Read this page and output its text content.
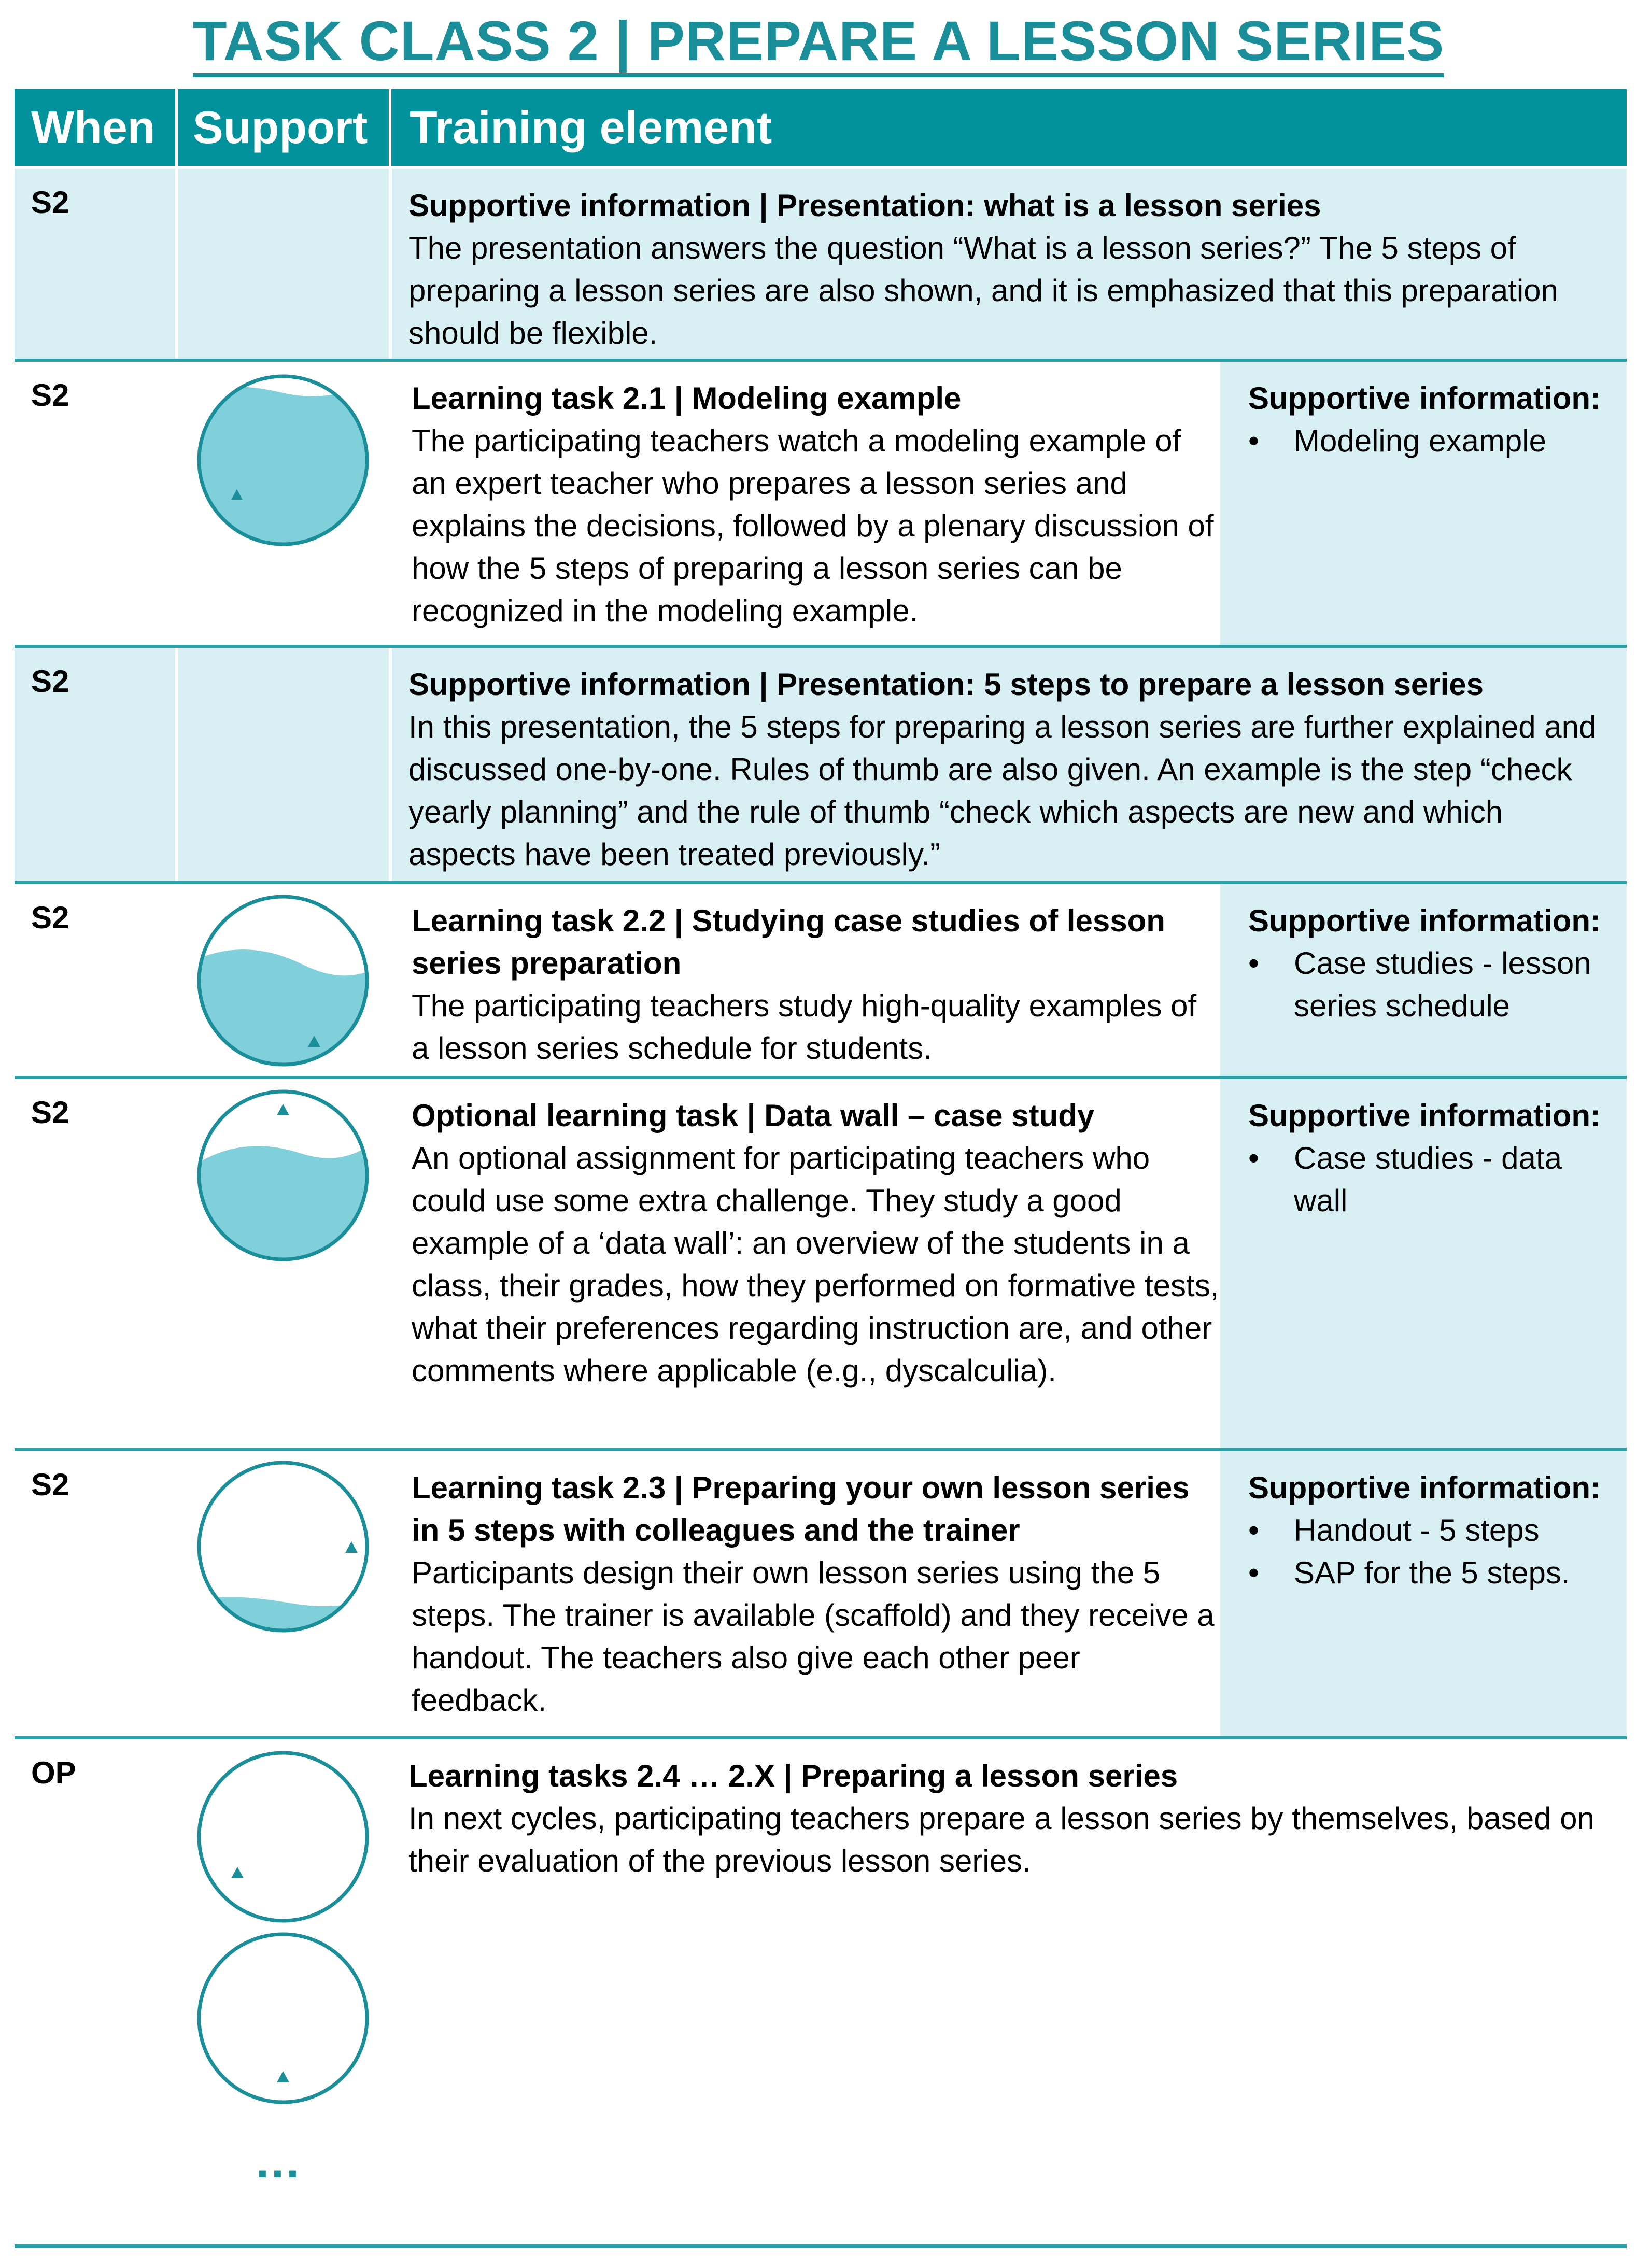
TASK CLASS 2 | PREPARE A LESSON SERIES
When Support Training element
S2	Supportive information | Presentation: what is a lesson series
The presentation answers the question “What is a lesson series?” The 5 steps of preparing a lesson series are also shown, and it is emphasized that this preparation should be flexible.
S2	Learning task 2.1 | Modeling example
The participating teachers watch a modeling example of an expert teacher who prepares a lesson series and explains the decisions, followed by a plenary discussion of how the 5 steps of preparing a lesson series can be recognized in the modeling example.
Supportive information:
• Modeling example
S2	Supportive information | Presentation: 5 steps to prepare a lesson series
In this presentation, the 5 steps for preparing a lesson series are further explained and discussed one-by-one. Rules of thumb are also given. An example is the step “check yearly planning” and the rule of thumb “check which aspects are new and which aspects have been treated previously.”
S2	Learning task 2.2 | Studying case studies of lesson series preparation
The participating teachers study high-quality examples of a lesson series schedule for students.
Supportive information:
• Case studies - lesson series schedule
S2	Optional learning task | Data wall – case study
An optional assignment for participating teachers who could use some extra challenge. They study a good example of a ‘data wall’: an overview of the students in a class, their grades, how they performed on formative tests, what their preferences regarding instruction are, and other comments where applicable (e.g., dyscalculia).
Supportive information:
• Case studies - data wall
S2	Learning task 2.3 | Preparing your own lesson series in 5 steps with colleagues and the trainer
Participants design their own lesson series using the 5 steps. The trainer is available (scaffold) and they receive a handout. The teachers also give each other peer feedback.
Supportive information:
• Handout - 5 steps
• SAP for the 5 steps.
OP	Learning tasks 2.4 … 2.X | Preparing a lesson series
In next cycles, participating teachers prepare a lesson series by themselves, based on their evaluation of the previous lesson series.
...
